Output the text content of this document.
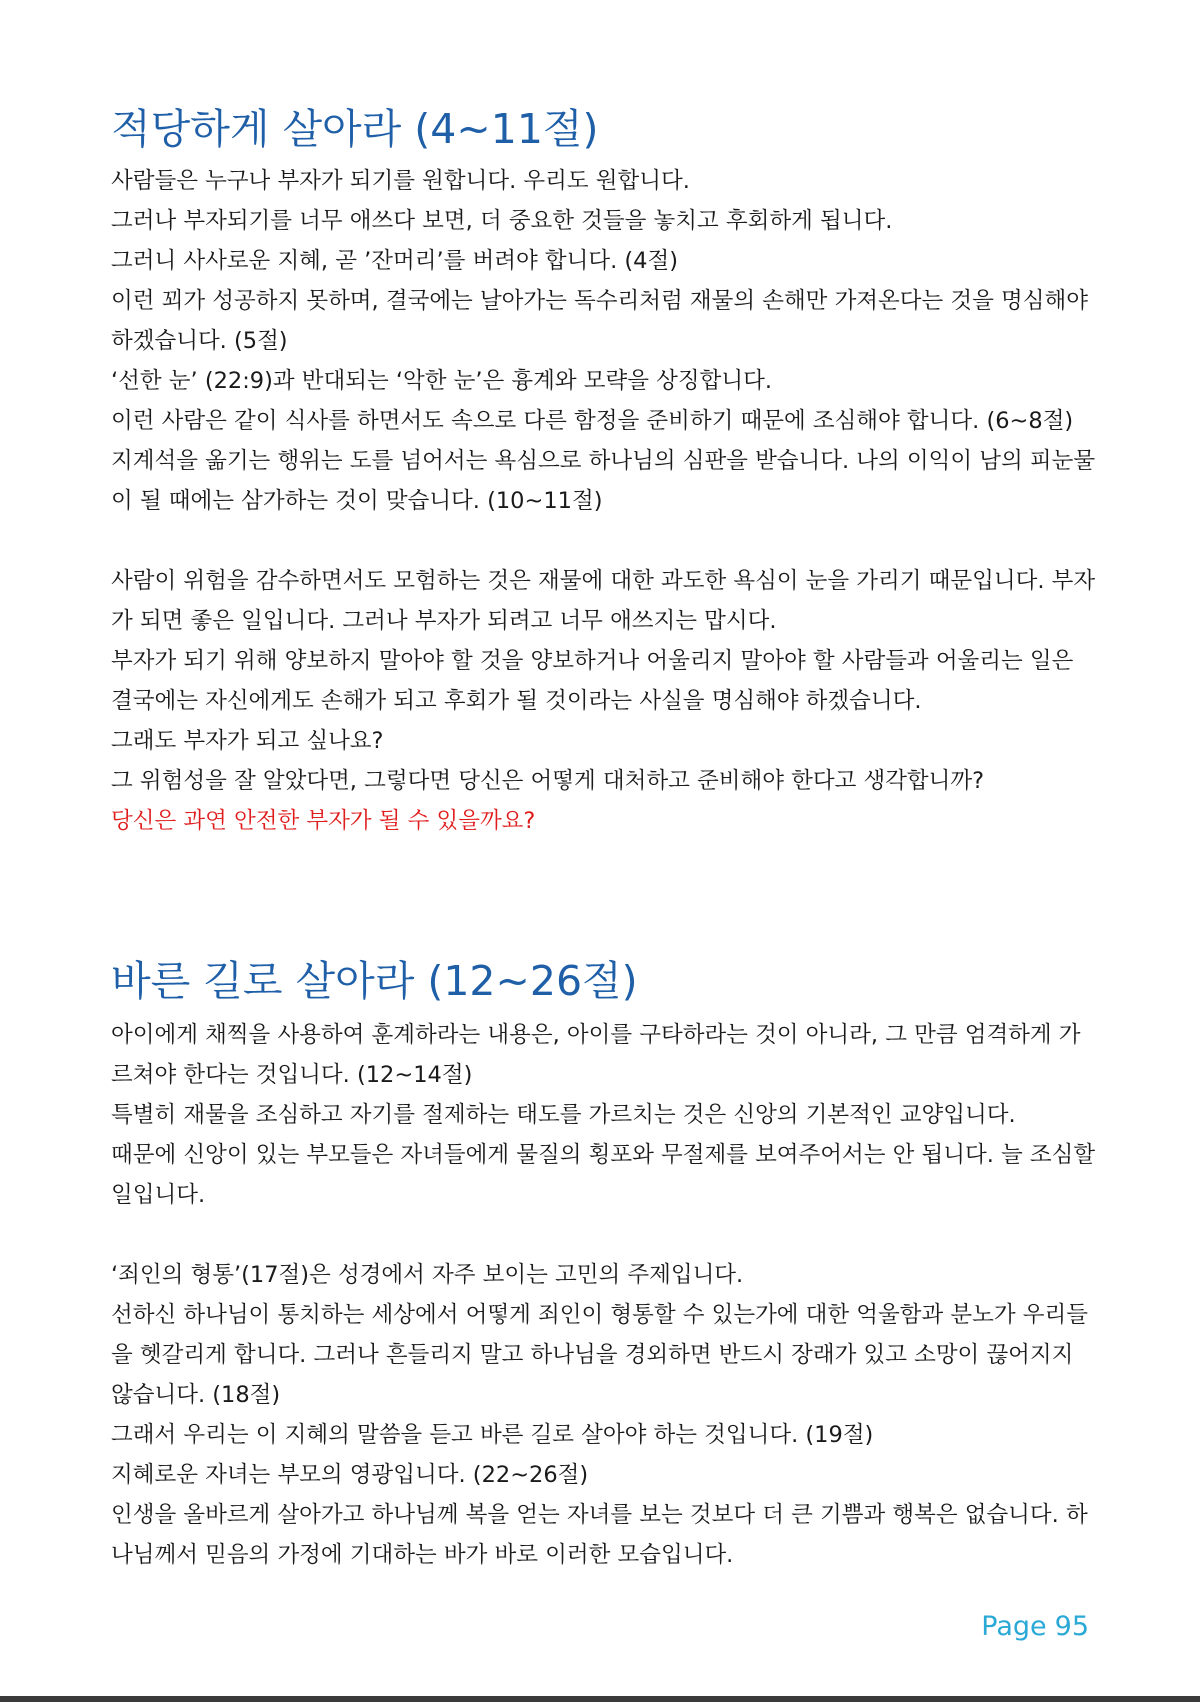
적당하게 살아라 (4~11절)

사람들은 누구나 부자가 되기를 원합니다. 우리도 원합니다.

그러나 부자되기를 너무 애쓰다 보면, 더 중요한 것들을 놓치고 후회하게 됩니다.

그러니 사사로운 지혜, 곧 ’잔머리’를 버려야 합니다. (4절)

이런 꾀가 성공하지 못하며, 결국에는 날아가는 독수리처럼 재물의 손해만 가져온다는 것을 명심해야 하겠습니다. (5절)

‘선한 눈’ (22:9)과 반대되는 ‘악한 눈’은 흉계와 모략을 상징합니다.

이런 사람은 같이 식사를 하면서도 속으로 다른 함정을 준비하기 때문에 조심해야 합니다. (6~8절)

지계석을 옮기는 행위는 도를 넘어서는 욕심으로 하나님의 심판을 받습니다. 나의 이익이 남의 피눈물이 될 때에는 삼가하는 것이 맞습니다. (10~11절)

사람이 위험을 감수하면서도 모험하는 것은 재물에 대한 과도한 욕심이 눈을 가리기 때문입니다. 부자가 되면 좋은 일입니다. 그러나 부자가 되려고 너무 애쓰지는 맙시다.

부자가 되기 위해 양보하지 말아야 할 것을 양보하거나 어울리지 말아야 할 사람들과 어울리는 일은 결국에는 자신에게도 손해가 되고 후회가 될 것이라는 사실을 명심해야 하겠습니다.

그래도 부자가 되고 싶나요?

그 위험성을 잘 알았다면, 그렇다면 당신은 어떻게 대처하고 준비해야 한다고 생각합니까?

당신은 과연 안전한 부자가 될 수 있을까요?

바른 길로 살아라 (12~26절)

아이에게 채찍을 사용하여 훈계하라는 내용은, 아이를 구타하라는 것이 아니라, 그 만큼 엄격하게 가르쳐야 한다는 것입니다. (12~14절)

특별히 재물을 조심하고 자기를 절제하는 태도를 가르치는 것은 신앙의 기본적인 교양입니다.

때문에 신앙이 있는 부모들은 자녀들에게 물질의 횡포와 무절제를 보여주어서는 안 됩니다. 늘 조심할 일입니다.

‘죄인의 형통’(17절)은 성경에서 자주 보이는 고민의 주제입니다.

선하신 하나님이 통치하는 세상에서 어떻게 죄인이 형통할 수 있는가에 대한 억울함과 분노가 우리들을 헷갈리게 합니다. 그러나 흔들리지 말고 하나님을 경외하면 반드시 장래가 있고 소망이 끊어지지 않습니다. (18절)

그래서 우리는 이 지혜의 말씀을 듣고 바른 길로 살아야 하는 것입니다. (19절)

지혜로운 자녀는 부모의 영광입니다. (22~26절)

인생을 올바르게 살아가고 하나님께 복을 얻는 자녀를 보는 것보다 더 큰 기쁨과 행복은 없습니다. 하나님께서 믿음의 가정에 기대하는 바가 바로 이러한 모습입니다.

Page 95
